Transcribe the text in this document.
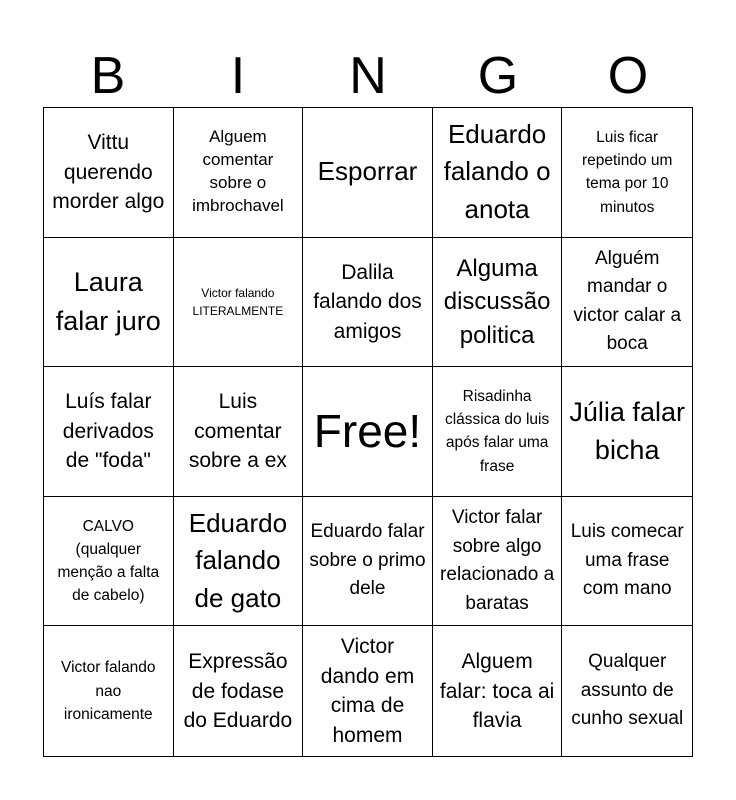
B	I	N	G	O
Vittu querendo morder algo
Alguem comentar sobre o imbrochavel
Esporrar
Eduardo falando o anota
Luis ficar repetindo um tema por 10 minutos
Laura falar juro
Victor falando LITERALMENTE
Dalila falando dos amigos
Alguma discussão politica
Alguém mandar o victor calar a boca
Luís falar derivados de "foda"
Luis comentar sobre a ex
Free!
Risadinha clássica do luis após falar uma frase
Júlia falar bicha
CALVO (qualquer menção a falta de cabelo)
Eduardo falando de gato
Eduardo falar sobre o primo dele
Victor falar sobre algo relacionado a baratas
Luis comecar uma frase com mano
Victor falando nao ironicamente
Expressão de fodase do Eduardo
Victor dando em cima de homem
Alguem falar: toca ai flavia
Qualquer assunto de cunho sexual
